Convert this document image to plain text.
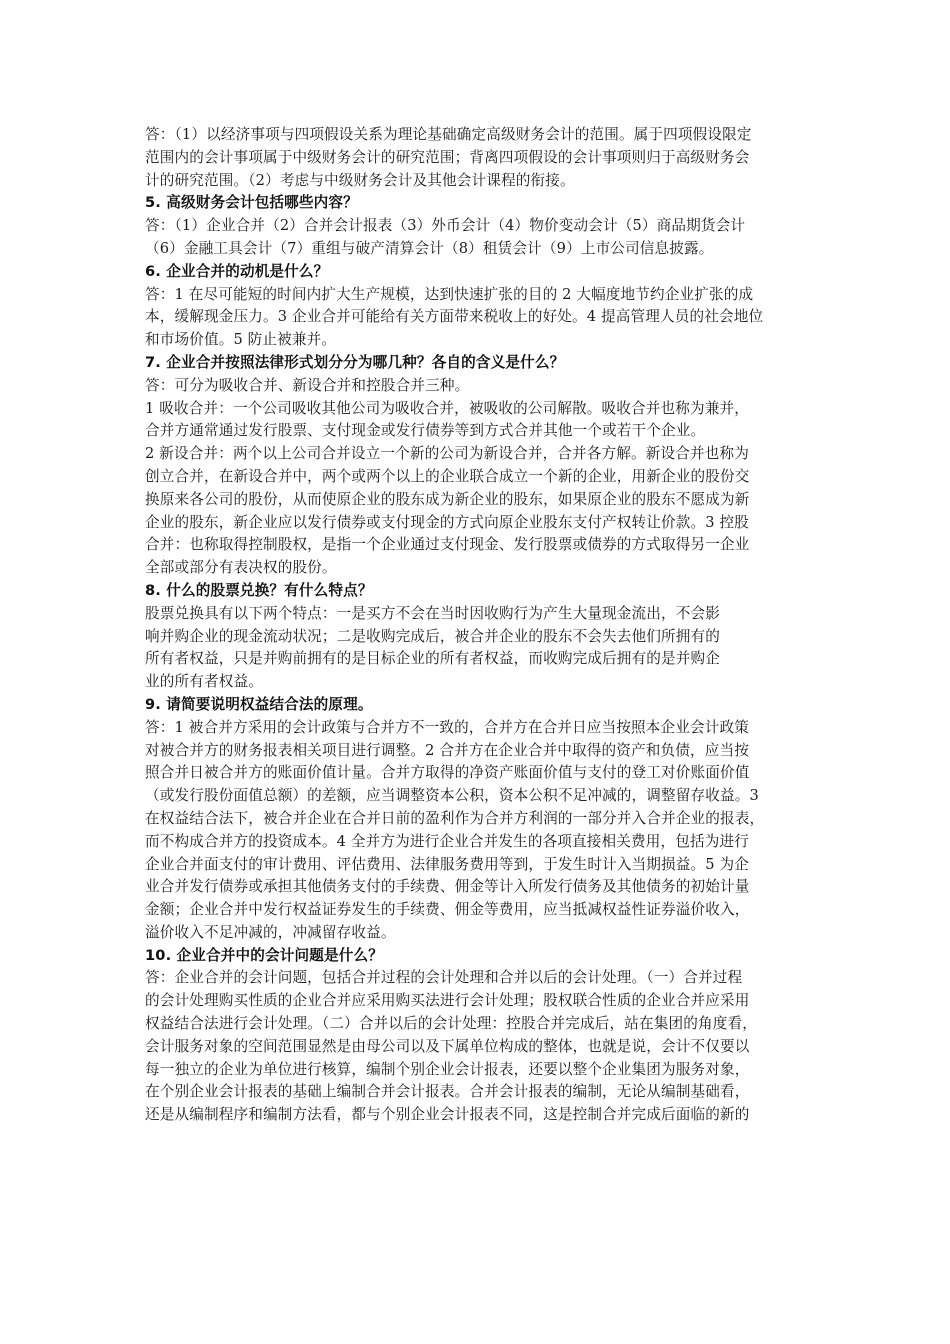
答：（1）以经济事项与四项假设关系为理论基础确定高级财务会计的范围。属于四项假设限定

范围内的会计事项属于中级财务会计的研究范围；背离四项假设的会计事项则归于高级财务会

计的研究范围。（2）考虑与中级财务会计及其他会计课程的衔接。

5. 高级财务会计包括哪些内容？

答：（1）企业合并（2）合并会计报表（3）外币会计（4）物价变动会计（5）商品期货会计

（6）金融工具会计（7）重组与破产清算会计（8）租赁会计（9）上市公司信息披露。

6. 企业合并的动机是什么？

答：1 在尽可能短的时间内扩大生产规模，达到快速扩张的目的 2 大幅度地节约企业扩张的成

本，缓解现金压力。3 企业合并可能给有关方面带来税收上的好处。4 提高管理人员的社会地位

和市场价值。5 防止被兼并。

7. 企业合并按照法律形式划分分为哪几种？各自的含义是什么？

答：可分为吸收合并、新设合并和控股合并三种。

1 吸收合并：一个公司吸收其他公司为吸收合并，被吸收的公司解散。吸收合并也称为兼并，

合并方通常通过发行股票、支付现金或发行债券等到方式合并其他一个或若干个企业。

2 新设合并：两个以上公司合并设立一个新的公司为新设合并，合并各方解。新设合并也称为

创立合并，在新设合并中，两个或两个以上的企业联合成立一个新的企业，用新企业的股份交

换原来各公司的股份，从而使原企业的股东成为新企业的股东，如果原企业的股东不愿成为新

企业的股东，新企业应以发行债券或支付现金的方式向原企业股东支付产权转让价款。3 控股

合并：也称取得控制股权，是指一个企业通过支付现金、发行股票或债券的方式取得另一企业

全部或部分有表决权的股份。

8. 什么的股票兑换？有什么特点？

股票兑换具有以下两个特点：一是买方不会在当时因收购行为产生大量现金流出，不会影

响并购企业的现金流动状况；二是收购完成后，被合并企业的股东不会失去他们所拥有的

所有者权益，只是并购前拥有的是目标企业的所有者权益，而收购完成后拥有的是并购企

业的所有者权益。

9. 请简要说明权益结合法的原理。

答：1 被合并方采用的会计政策与合并方不一致的，合并方在合并日应当按照本企业会计政策

对被合并方的财务报表相关项目进行调整。2 合并方在企业合并中取得的资产和负债，应当按

照合并日被合并方的账面价值计量。合并方取得的净资产账面价值与支付的登工对价账面价值

（或发行股份面值总额）的差额，应当调整资本公积，资本公积不足冲减的，调整留存收益。3

在权益结合法下，被合并企业在合并日前的盈利作为合并方利润的一部分并入合并企业的报表，

而不构成合并方的投资成本。4 全并方为进行企业合并发生的各项直接相关费用，包括为进行

企业合并面支付的审计费用、评估费用、法律服务费用等到，于发生时计入当期损益。5 为企

业合并发行债券或承担其他债务支付的手续费、佣金等计入所发行债务及其他债务的初始计量

金额；企业合并中发行权益证券发生的手续费、佣金等费用，应当抵减权益性证券溢价收入，

溢价收入不足冲减的，冲减留存收益。

10. 企业合并中的会计问题是什么？

答：企业合并的会计问题，包括合并过程的会计处理和合并以后的会计处理。（一）合并过程

的会计处理购买性质的企业合并应采用购买法进行会计处理；股权联合性质的企业合并应采用

权益结合法进行会计处理。（二）合并以后的会计处理：控股合并完成后，站在集团的角度看，

会计服务对象的空间范围显然是由母公司以及下属单位构成的整体，也就是说，会计不仅要以

每一独立的企业为单位进行核算，编制个别企业会计报表，还要以整个企业集团为服务对象，

在个别企业会计报表的基础上编制合并会计报表。合并会计报表的编制，无论从编制基础看，

还是从编制程序和编制方法看，都与个别企业会计报表不同，这是控制合并完成后面临的新的
